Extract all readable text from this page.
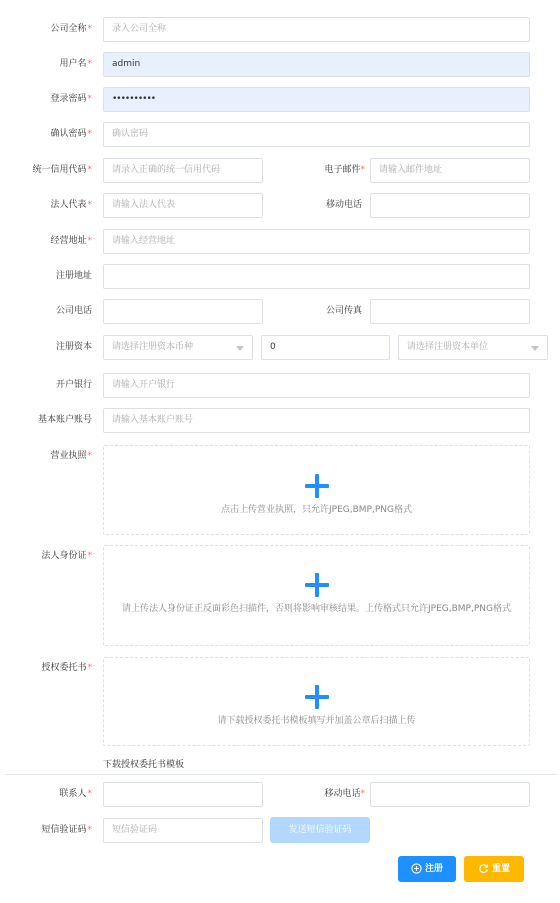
公司全称*	录入公司全称
用户名*	admin
登录密码*	••••••••••
确认密码*	确认密码
统一信用代码*	请录入正确的统一信用代码	电子邮件*	请输入邮件地址
法人代表*	请输入法人代表	移动电话
经营地址*	请输入经营地址
注册地址
公司电话	公司传真
注册资本	请选择注册资本币种	0	请选择注册资本单位
开户银行	请输入开户银行
基本账户账号	请输入基本账户账号
营业执照*
点击上传营业执照，只允许JPEG,BMP,PNG格式
法人身份证*
请上传法人身份证正反面彩色扫描件，否则将影响审核结果。上传格式只允许JPEG,BMP,PNG格式
授权委托书*
请下载授权委托书模板填写并加盖公章后扫描上传
下载授权委托书模板
联系人*	移动电话*
短信验证码*	短信验证码	发送短信验证码
注册	重置
